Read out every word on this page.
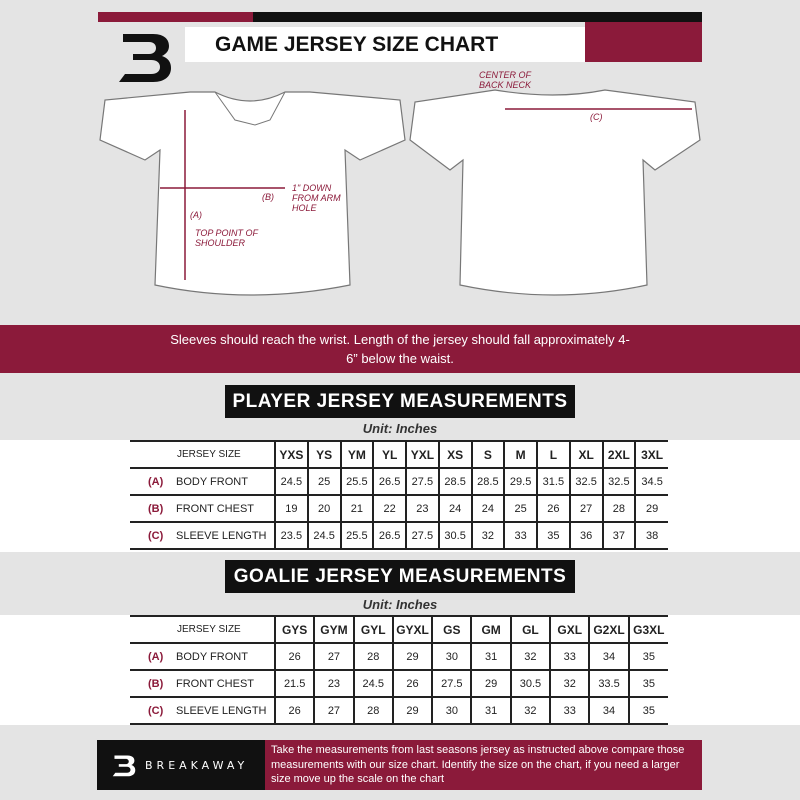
GAME JERSEY SIZE CHART
(A)
TOP POINT OF SHOULDER
(B)
1" DOWN FROM ARM HOLE
CENTER OF BACK NECK
(C)
Sleeves should reach the wrist. Length of the jersey should fall approximately 4-6” below the waist.
PLAYER JERSEY MEASUREMENTS
Unit: Inches
JERSEY SIZE	YXS	YS	YM	YL	YXL	XS	S	M	L	XL	2XL	3XL
(A) BODY FRONT	24.5	25	25.5	26.5	27.5	28.5	28.5	29.5	31.5	32.5	32.5	34.5
(B) FRONT CHEST	19	20	21	22	23	24	24	25	26	27	28	29
(C) SLEEVE LENGTH	23.5	24.5	25.5	26.5	27.5	30.5	32	33	35	36	37	38
GOALIE JERSEY MEASUREMENTS
Unit: Inches
JERSEY SIZE	GYS	GYM	GYL	GYXL	GS	GM	GL	GXL	G2XL	G3XL
(A) BODY FRONT	26	27	28	29	30	31	32	33	34	35
(B) FRONT CHEST	21.5	23	24.5	26	27.5	29	30.5	32	33.5	35
(C) SLEEVE LENGTH	26	27	28	29	30	31	32	33	34	35
BREAKAWAY
Take the measurements from last seasons jersey as instructed above compare those measurements with our size chart. Identify the size on the chart, if you need a larger size move up the scale on the chart
